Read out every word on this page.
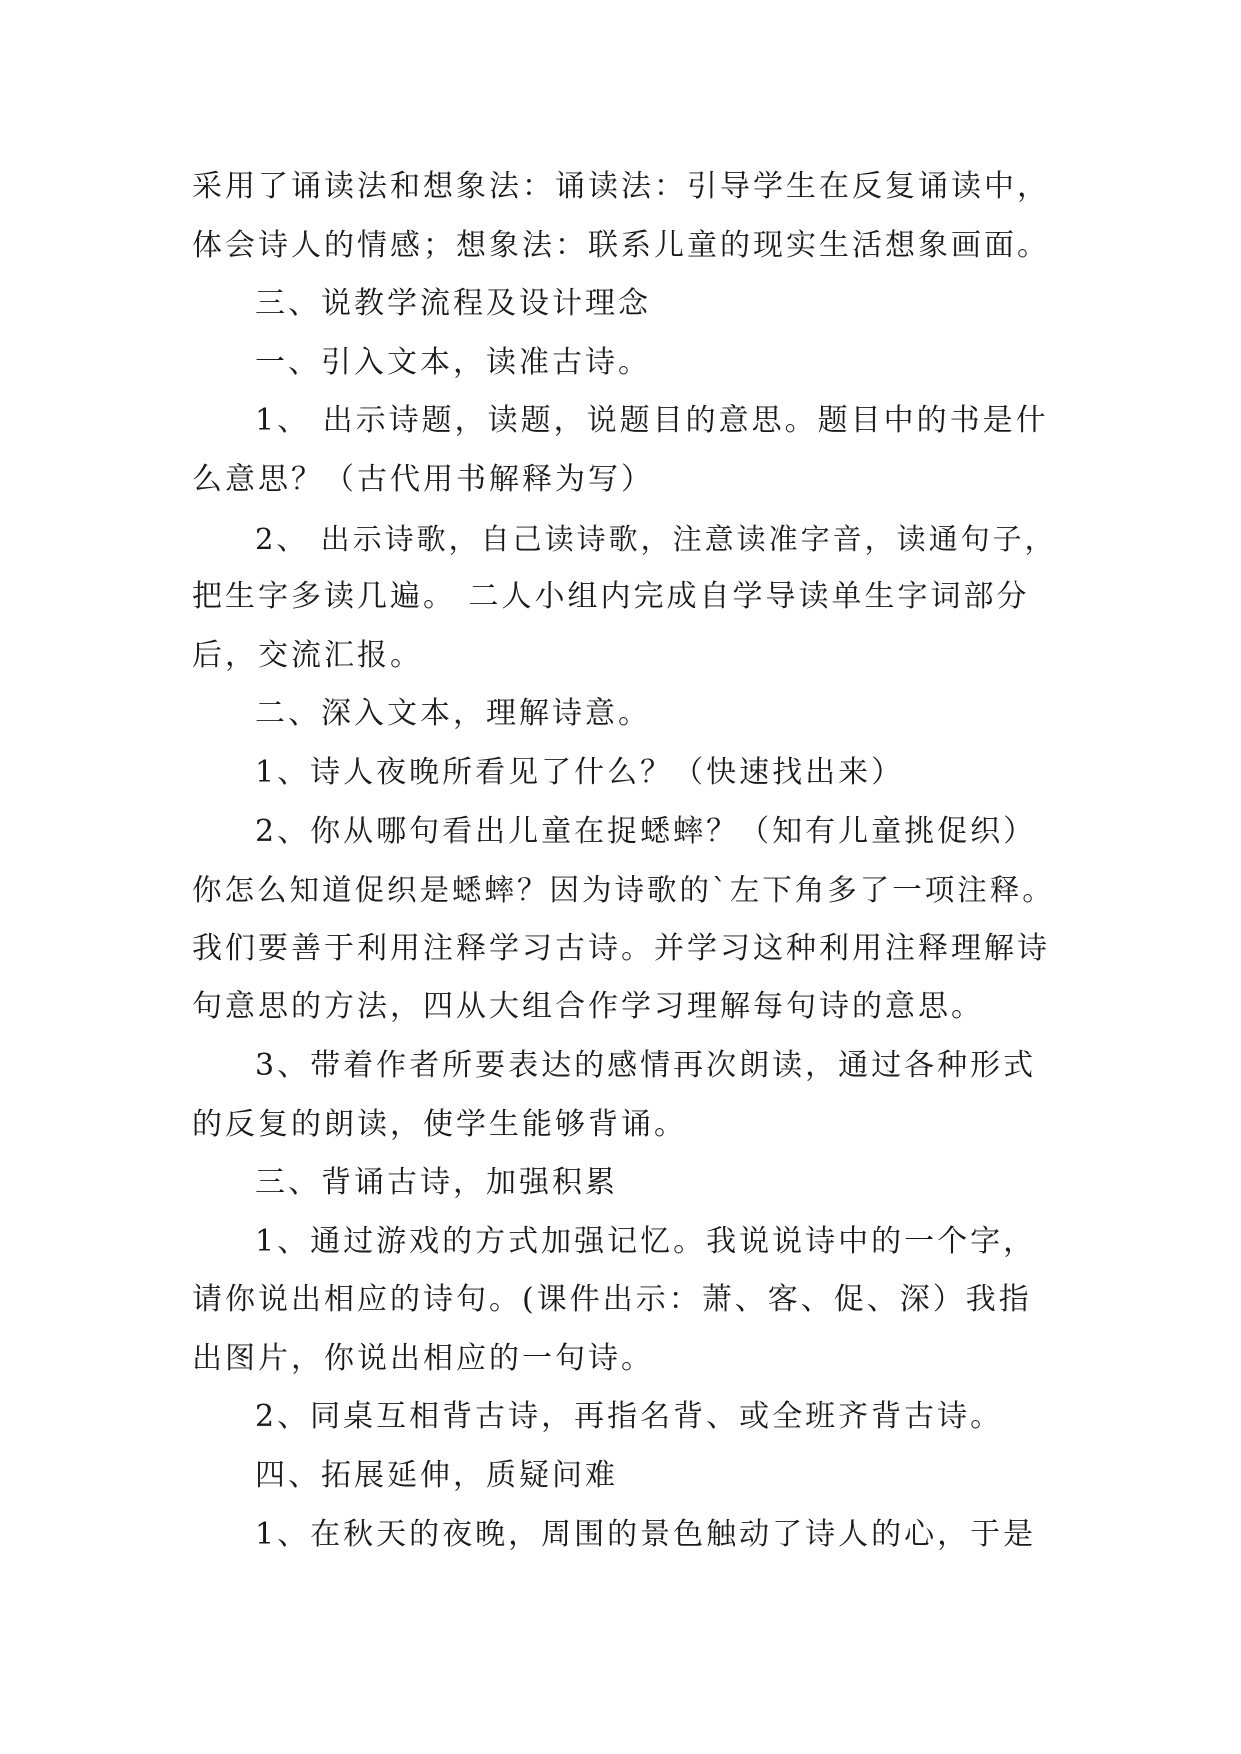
采用了诵读法和想象法：诵读法：引导学生在反复诵读中，

体会诗人的情感；想象法：联系儿童的现实生活想象画面。

三、说教学流程及设计理念

一、引入文本，读准古诗。

1、 出示诗题，读题，说题目的意思。题目中的书是什

么意思？（古代用书解释为写）

2、 出示诗歌，自己读诗歌，注意读准字音，读通句子，

把生字多读几遍。 二人小组内完成自学导读单生字词部分

后，交流汇报。

二、深入文本，理解诗意。

1、诗人夜晚所看见了什么？（快速找出来）

2、你从哪句看出儿童在捉蟋蟀？（知有儿童挑促织）

你怎么知道促织是蟋蟀？因为诗歌的`左下角多了一项注释。

我们要善于利用注释学习古诗。并学习这种利用注释理解诗

句意思的方法，四从大组合作学习理解每句诗的意思。

3、带着作者所要表达的感情再次朗读，通过各种形式

的反复的朗读，使学生能够背诵。

三、背诵古诗，加强积累

1、通过游戏的方式加强记忆。我说说诗中的一个字，

请你说出相应的诗句。(课件出示：萧、客、促、深）我指

出图片，你说出相应的一句诗。

2、同桌互相背古诗，再指名背、或全班齐背古诗。

四、拓展延伸，质疑问难

1、在秋天的夜晚，周围的景色触动了诗人的心，于是
